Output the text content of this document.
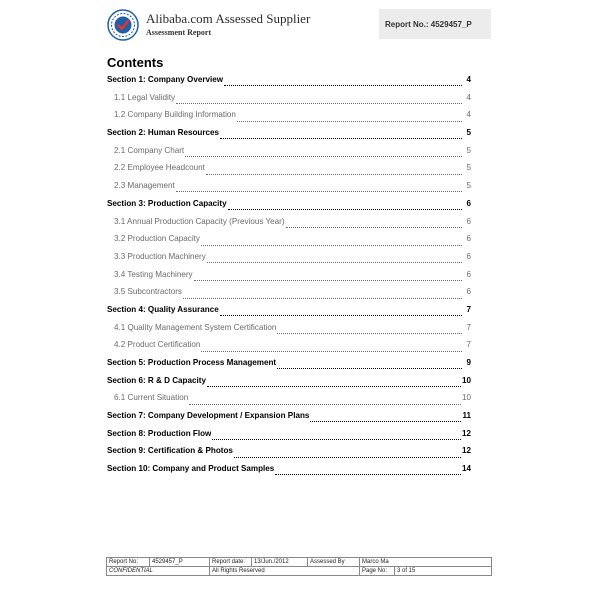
Alibaba.com Assessed Supplier
Assessment Report
Report No.: 4529457_P
Contents
Section 1: Company Overview	4
1.1 Legal Validity	4
1.2 Company Building Information	4
Section 2: Human Resources	5
2.1 Company Chart	5
2.2 Employee Headcount	5
2.3 Management	5
Section 3: Production Capacity	6
3.1 Annual Production Capacity (Previous Year)	6
3.2 Production Capacity	6
3.3 Production Machinery	6
3.4 Testing Machinery	6
3.5 Subcontractors	6
Section 4: Quality Assurance	7
4.1 Quality Management System Certification	7
4.2 Product Certification	7
Section 5: Production Process Management	9
Section 6: R & D Capacity	10
6.1 Current Situation	10
Section 7: Company Development / Expansion Plans	11
Section 8: Production Flow	12
Section 9: Certification & Photos	12
Section 10: Company and Product Samples	14
Report No:	4529457_P	Report date:	13/Jun./2012	Assessed By	Marco Ma	
CONFIDENTIAL		All Rights Reserved			Page No:	3 of 15
